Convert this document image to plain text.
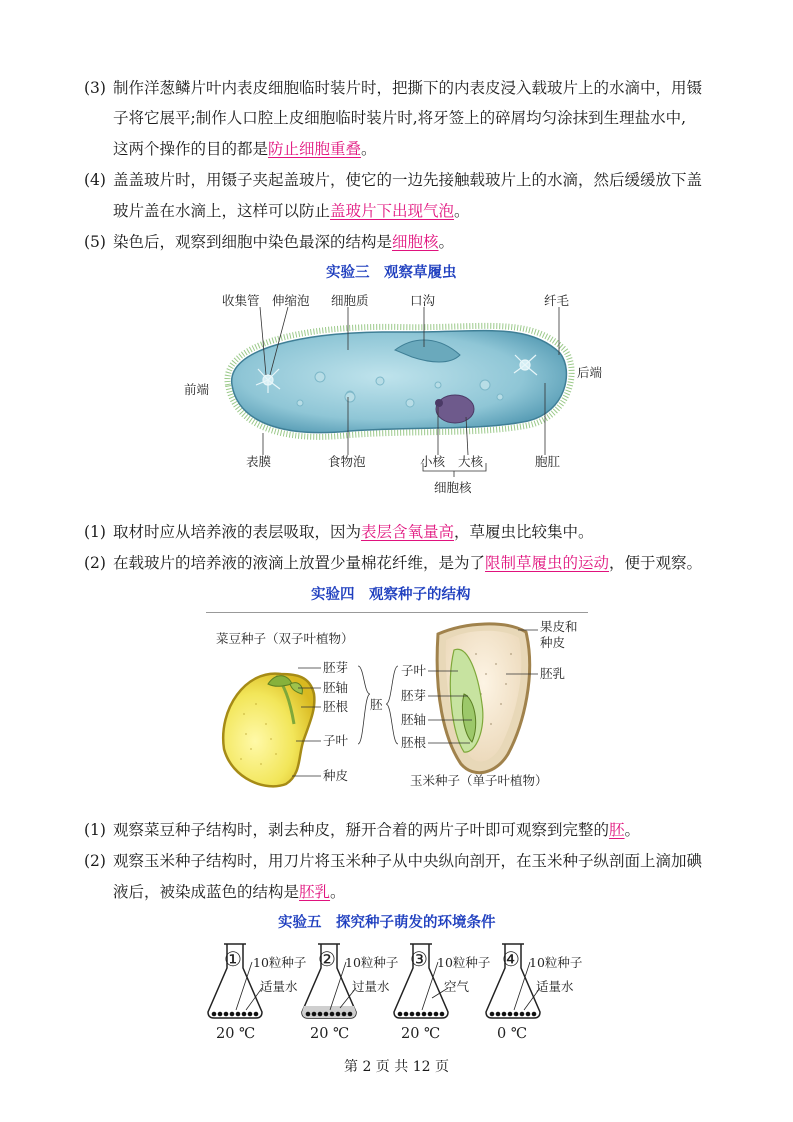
(3) 制作洋葱鳞片叶内表皮细胞临时装片时，把撕下的内表皮浸入载玻片上的水滴中，用镊
子将它展平;制作人口腔上皮细胞临时装片时,将牙签上的碎屑均匀涂抹到生理盐水中,
这两个操作的目的都是防止细胞重叠。
(4) 盖盖玻片时，用镊子夹起盖玻片，使它的一边先接触载玻片上的水滴，然后缓缓放下盖
玻片盖在水滴上，这样可以防止盖玻片下出现气泡。
(5) 染色后，观察到细胞中染色最深的结构是细胞核。
实验三　观察草履虫
收集管 伸缩泡 细胞质	口沟	纤毛
前端
后端
表膜	食物泡	小核 大核	胞肛
细胞核
(1) 取材时应从培养液的表层吸取，因为表层含氧量高，草履虫比较集中。
(2) 在载玻片的培养液的液滴上放置少量棉花纤维，是为了限制草履虫的运动，便于观察。
实验四　观察种子的结构
菜豆种子（双子叶植物）
胚芽
胚轴
胚根
子叶
种皮
胚
子叶
胚芽
胚轴
胚根
果皮和
种皮
胚乳
玉米种子（单子叶植物）
(1) 观察菜豆种子结构时，剥去种皮，掰开合着的两片子叶即可观察到完整的胚。
(2) 观察玉米种子结构时，用刀片将玉米种子从中央纵向剖开，在玉米种子纵剖面上滴加碘
液后，被染成蓝色的结构是胚乳。
实验五　探究种子萌发的环境条件
① 10粒种子
适量水
20 ℃
② 10粒种子
过量水
20 ℃
③ 10粒种子
空气
20 ℃
④ 10粒种子
适量水
0 ℃
第 2 页 共 12 页
